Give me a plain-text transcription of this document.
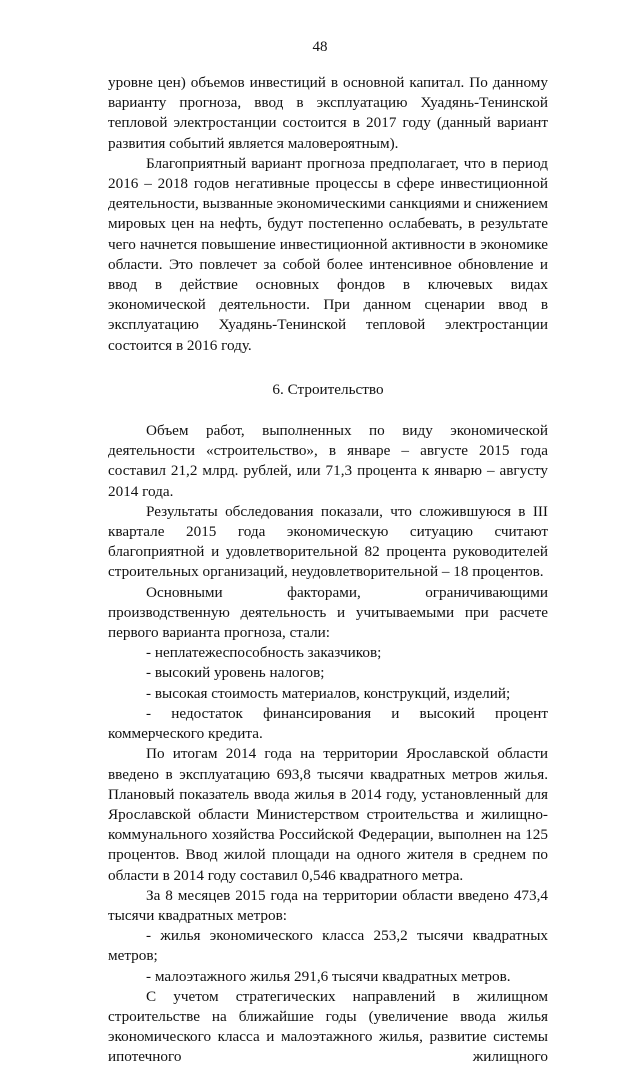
48

уровне цен) объемов инвестиций в основной капитал. По данному варианту прогноза, ввод в эксплуатацию Хуадянь-Тенинской тепловой электростанции состоится в 2017 году (данный вариант развития событий является маловероятным).

Благоприятный вариант прогноза предполагает, что в период 2016 – 2018 годов негативные процессы в сфере инвестиционной деятельности, вызванные экономическими санкциями и снижением мировых цен на нефть, будут постепенно ослабевать, в результате чего начнется повышение инвестиционной активности в экономике области. Это повлечет за собой более интенсивное обновление и ввод в действие основных фондов в ключевых видах экономической деятельности. При данном сценарии ввод в эксплуатацию Хуадянь-Тенинской тепловой электростанции состоится в 2016 году.

6. Строительство

Объем работ, выполненных по виду экономической деятельности «строительство», в январе – августе 2015 года составил 21,2 млрд. рублей, или 71,3 процента к январю – августу 2014 года.

Результаты обследования показали, что сложившуюся в III квартале 2015 года экономическую ситуацию считают благоприятной и удовлетворительной 82 процента руководителей строительных организаций, неудовлетворительной – 18 процентов.

Основными факторами, ограничивающими производственную деятельность и учитываемыми при расчете первого варианта прогноза, стали:

- неплатежеспособность заказчиков;

- высокий уровень налогов;

- высокая стоимость материалов, конструкций, изделий;

- недостаток финансирования и высокий процент коммерческого кредита.

По итогам 2014 года на территории Ярославской области введено в эксплуатацию 693,8 тысячи квадратных метров жилья. Плановый показатель ввода жилья в 2014 году, установленный для Ярославской области Министерством строительства и жилищно-коммунального хозяйства Российской Федерации, выполнен на 125 процентов. Ввод жилой площади на одного жителя в среднем по области в 2014 году составил 0,546 квадратного метра.

За 8 месяцев 2015 года на территории области введено 473,4 тысячи квадратных метров:

- жилья экономического класса 253,2 тысячи квадратных метров;

- малоэтажного жилья 291,6 тысячи квадратных метров.

С учетом стратегических направлений в жилищном строительстве на ближайшие годы (увеличение ввода жилья экономического класса и малоэтажного жилья, развитие системы ипотечного жилищного
